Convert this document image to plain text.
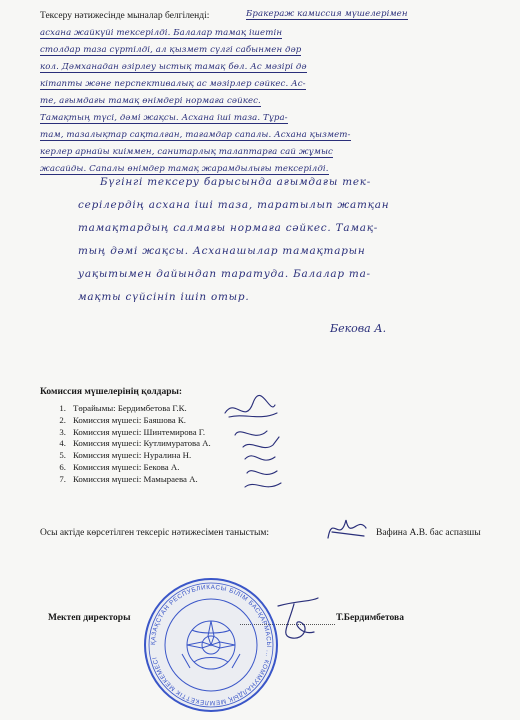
Тексеру нәтижесінде мыналар белгіленді:	Бракераж камиссия мүшелерімен
асхана жайкүйі тексерілді. Балалар тамақ ішетін
столдар таза сүртілді, ал қызмет сүлгі сабынмен дәр
кол. Дәмханадан әзірлеу ыстық тамақ бөл. Ас мәзірі дә
кітапты және перспективалық ас мәзірлер сәйкес. Ас-
те, ағымдағы тамақ өнімдері нормаға сәйкес.
Тамақтың түсі, дәмі жақсы. Асхана іші таза. Тұра-
там, тазалықтар сақталған, тағамдар сапалы. Асхана қызмет-
керлер арнайы киіммен, санитарлық талаптарға сай жұмыс
жасайды. Сапалы өнімдер тамақ жарамдылығы тексерілді.
Бүгінгі тексеру барысында ағымдағы тек-
серілердің асхана іші таза, таратылып жатқан
тамақтардың салмағы нормаға сәйкес. Тамақ-
тың дәмі жақсы. Асханашылар тамақтарын
уақытымен дайындап таратуда. Балалар та-
мақты сүйсініп ішіп отыр.
Бекова А.
Комиссия мүшелерінің қолдары:
1. Төрайымы: Бердимбетова Г.К.
2. Комиссия мүшесі: Баяшова К.
3. Комиссия мүшесі: Шинтемирова Г.
4. Комиссия мүшесі: Кутлимуратова А.
5. Комиссия мүшесі: Нуралина Н.
6. Комиссия мүшесі: Бекова А.
7. Комиссия мүшесі: Мамыраева А.
Осы актіде көрсетілген тексеріс нәтижесімен таныстым:	Вафина А.В. бас аспазшы
Мектеп директоры	Т.Бердимбетова
ҚАЗАҚСТАН РЕСПУБЛИКАСЫ БІЛІМ БАСҚАРМАСЫ ... КОММУНАЛДЫҚ МЕМЛЕКЕТТІК МЕКЕМЕСІ
